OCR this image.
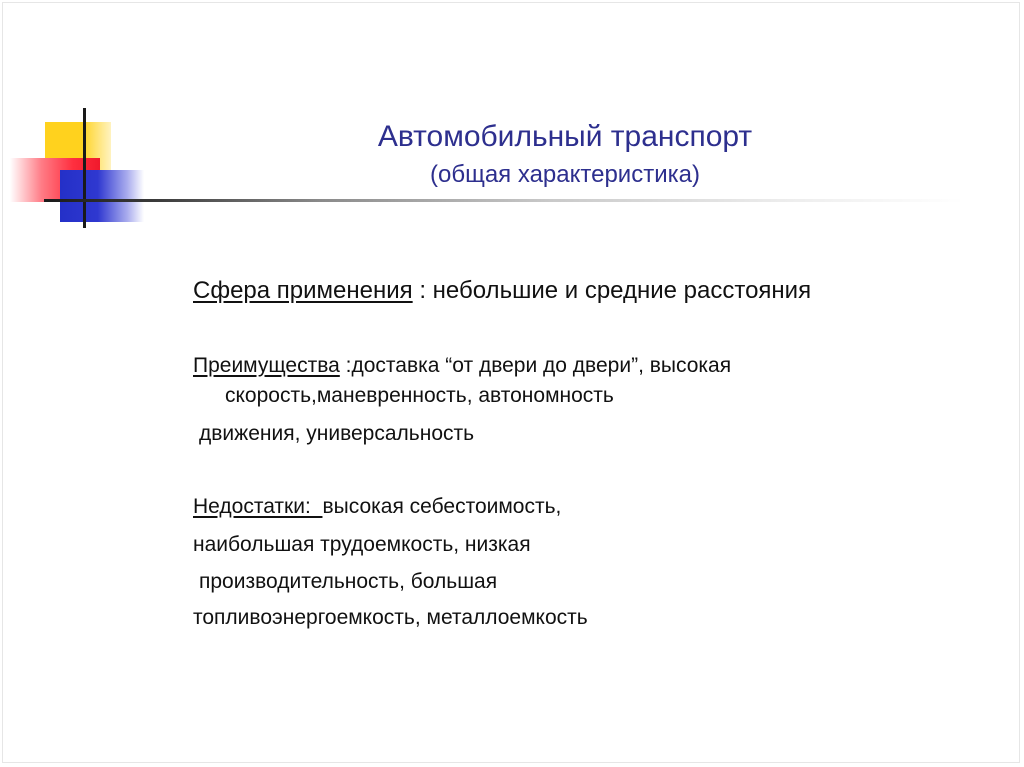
Автомобильный транспорт
(общая характеристика)
Сфера применения : небольшие и средние расстояния
Преимущества :доставка “от двери до двери”, высокая
скорость,маневренность, автономность
движения, универсальность
Недостатки:  высокая себестоимость,
наибольшая трудоемкость, низкая
производительность, большая
топливоэнергоемкость, металлоемкость
